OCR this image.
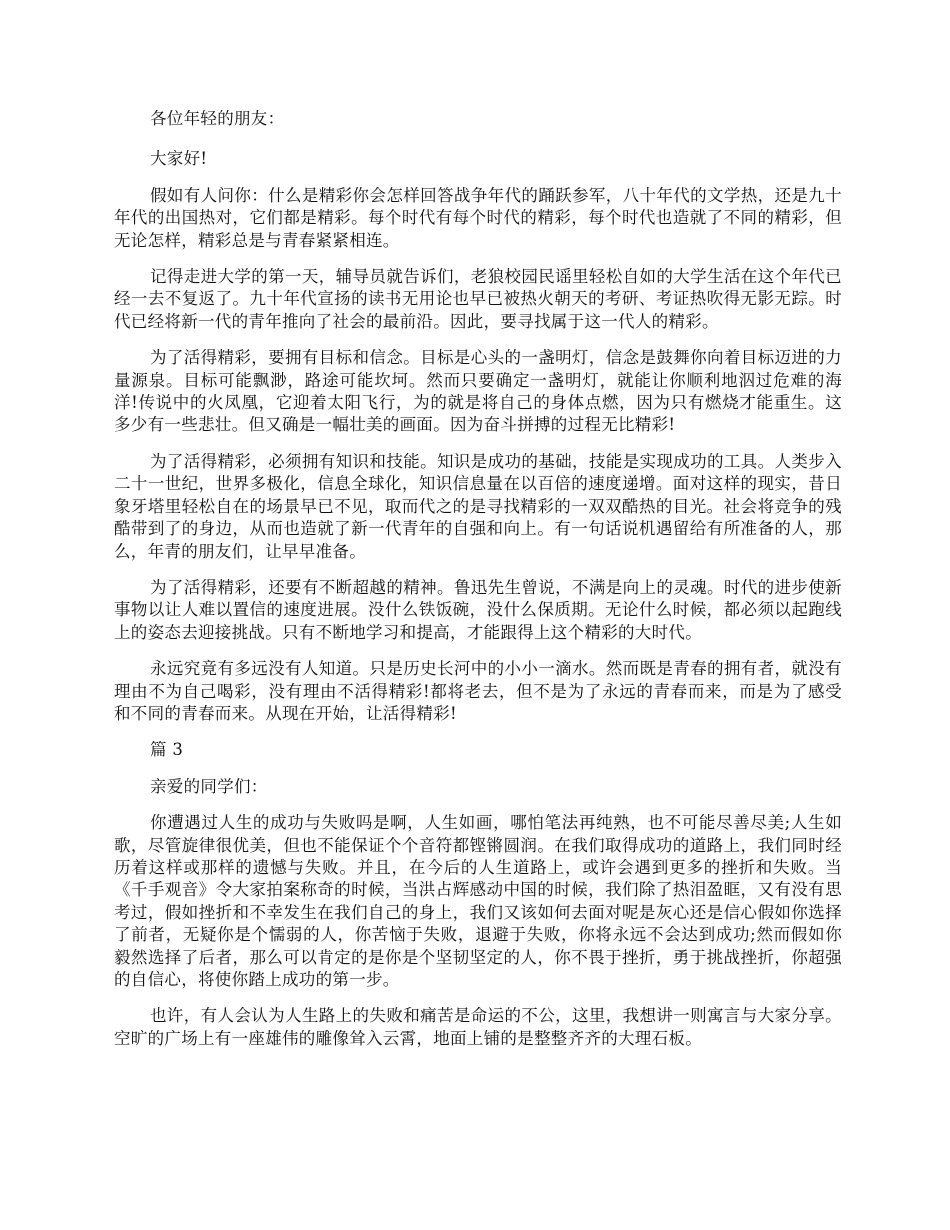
各位年轻的朋友：

大家好!

假如有人问你：什么是精彩你会怎样回答战争年代的踊跃参军，八十年代的文学热，还是九十年代的出国热对，它们都是精彩。每个时代有每个时代的精彩，每个时代也造就了不同的精彩，但无论怎样，精彩总是与青春紧紧相连。

记得走进大学的第一天，辅导员就告诉们，老狼校园民谣里轻松自如的大学生活在这个年代已经一去不复返了。九十年代宣扬的读书无用论也早已被热火朝天的考研、考证热吹得无影无踪。时代已经将新一代的青年推向了社会的最前沿。因此，要寻找属于这一代人的精彩。

为了活得精彩，要拥有目标和信念。目标是心头的一盏明灯，信念是鼓舞你向着目标迈进的力量源泉。目标可能飘渺，路途可能坎坷。然而只要确定一盏明灯，就能让你顺利地泅过危难的海洋!传说中的火凤凰，它迎着太阳飞行，为的就是将自己的身体点燃，因为只有燃烧才能重生。这多少有一些悲壮。但又确是一幅壮美的画面。因为奋斗拼搏的过程无比精彩!

为了活得精彩，必须拥有知识和技能。知识是成功的基础，技能是实现成功的工具。人类步入二十一世纪，世界多极化，信息全球化，知识信息量在以百倍的速度递增。面对这样的现实，昔日象牙塔里轻松自在的场景早已不见，取而代之的是寻找精彩的一双双酷热的目光。社会将竞争的残酷带到了的身边，从而也造就了新一代青年的自强和向上。有一句话说机遇留给有所准备的人，那么，年青的朋友们，让早早准备。

为了活得精彩，还要有不断超越的精神。鲁迅先生曾说，不满是向上的灵魂。时代的进步使新事物以让人难以置信的速度进展。没什么铁饭碗，没什么保质期。无论什么时候，都必须以起跑线上的姿态去迎接挑战。只有不断地学习和提高，才能跟得上这个精彩的大时代。

永远究竟有多远没有人知道。只是历史长河中的小小一滴水。然而既是青春的拥有者，就没有理由不为自己喝彩，没有理由不活得精彩!都将老去，但不是为了永远的青春而来，而是为了感受和不同的青春而来。从现在开始，让活得精彩!

篇 3

亲爱的同学们：

你遭遇过人生的成功与失败吗是啊，人生如画，哪怕笔法再纯熟，也不可能尽善尽美;人生如歌，尽管旋律很优美，但也不能保证个个音符都铿锵圆润。在我们取得成功的道路上，我们同时经历着这样或那样的遗憾与失败。并且，在今后的人生道路上，或许会遇到更多的挫折和失败。当《千手观音》令大家拍案称奇的时候，当洪占辉感动中国的时候，我们除了热泪盈眶，又有没有思考过，假如挫折和不幸发生在我们自己的身上，我们又该如何去面对呢是灰心还是信心假如你选择了前者，无疑你是个懦弱的人，你苦恼于失败，退避于失败，你将永远不会达到成功;然而假如你毅然选择了后者，那么可以肯定的是你是个坚韧坚定的人，你不畏于挫折，勇于挑战挫折，你超强的自信心，将使你踏上成功的第一步。

也许，有人会认为人生路上的失败和痛苦是命运的不公，这里，我想讲一则寓言与大家分享。空旷的广场上有一座雄伟的雕像耸入云霄，地面上铺的是整整齐齐的大理石板。
